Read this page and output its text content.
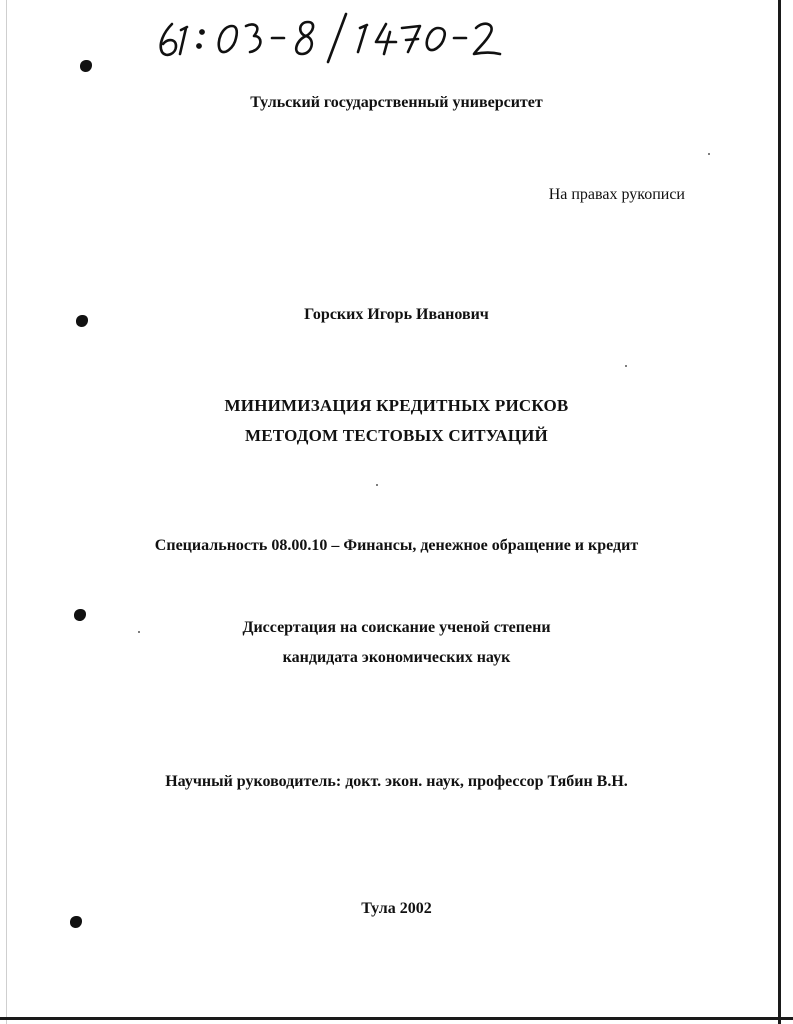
Тульский государственный университет
На правах рукописи
Горских Игорь Иванович
МИНИМИЗАЦИЯ КРЕДИТНЫХ РИСКОВ
МЕТОДОМ ТЕСТОВЫХ СИТУАЦИЙ
Специальность 08.00.10 – Финансы, денежное обращение и кредит
Диссертация на соискание ученой степени
кандидата экономических наук
Научный руководитель: докт. экон. наук, профессор Тябин В.Н.
Тула 2002
